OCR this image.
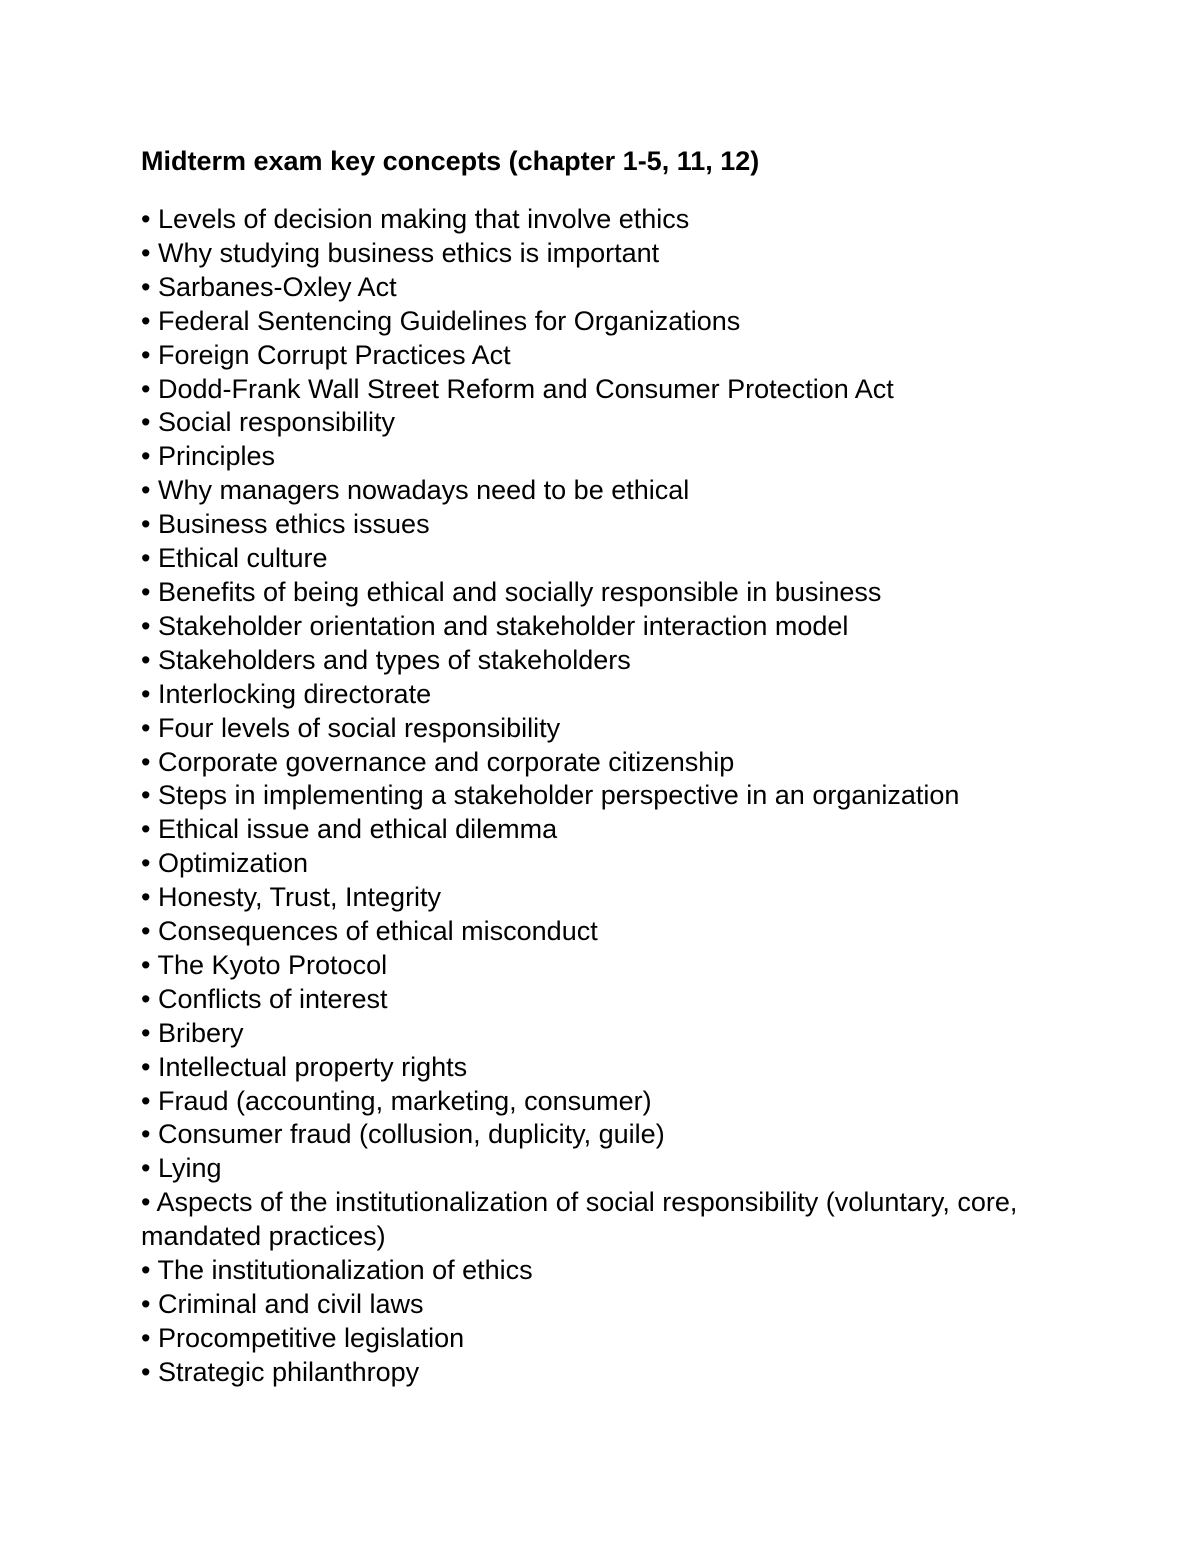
Midterm exam key concepts (chapter 1-5, 11, 12)
• Levels of decision making that involve ethics
• Why studying business ethics is important
• Sarbanes-Oxley Act
• Federal Sentencing Guidelines for Organizations
• Foreign Corrupt Practices Act
• Dodd-Frank Wall Street Reform and Consumer Protection Act
• Social responsibility
• Principles
• Why managers nowadays need to be ethical
• Business ethics issues
• Ethical culture
• Benefits of being ethical and socially responsible in business
• Stakeholder orientation and stakeholder interaction model
• Stakeholders and types of stakeholders
• Interlocking directorate
• Four levels of social responsibility
• Corporate governance and corporate citizenship
• Steps in implementing a stakeholder perspective in an organization
• Ethical issue and ethical dilemma
• Optimization
• Honesty, Trust, Integrity
• Consequences of ethical misconduct
• The Kyoto Protocol
• Conflicts of interest
• Bribery
• Intellectual property rights
• Fraud (accounting, marketing, consumer)
• Consumer fraud (collusion, duplicity, guile)
• Lying
• Aspects of the institutionalization of social responsibility (voluntary, core, mandated practices)
• The institutionalization of ethics
• Criminal and civil laws
• Procompetitive legislation
• Strategic philanthropy
